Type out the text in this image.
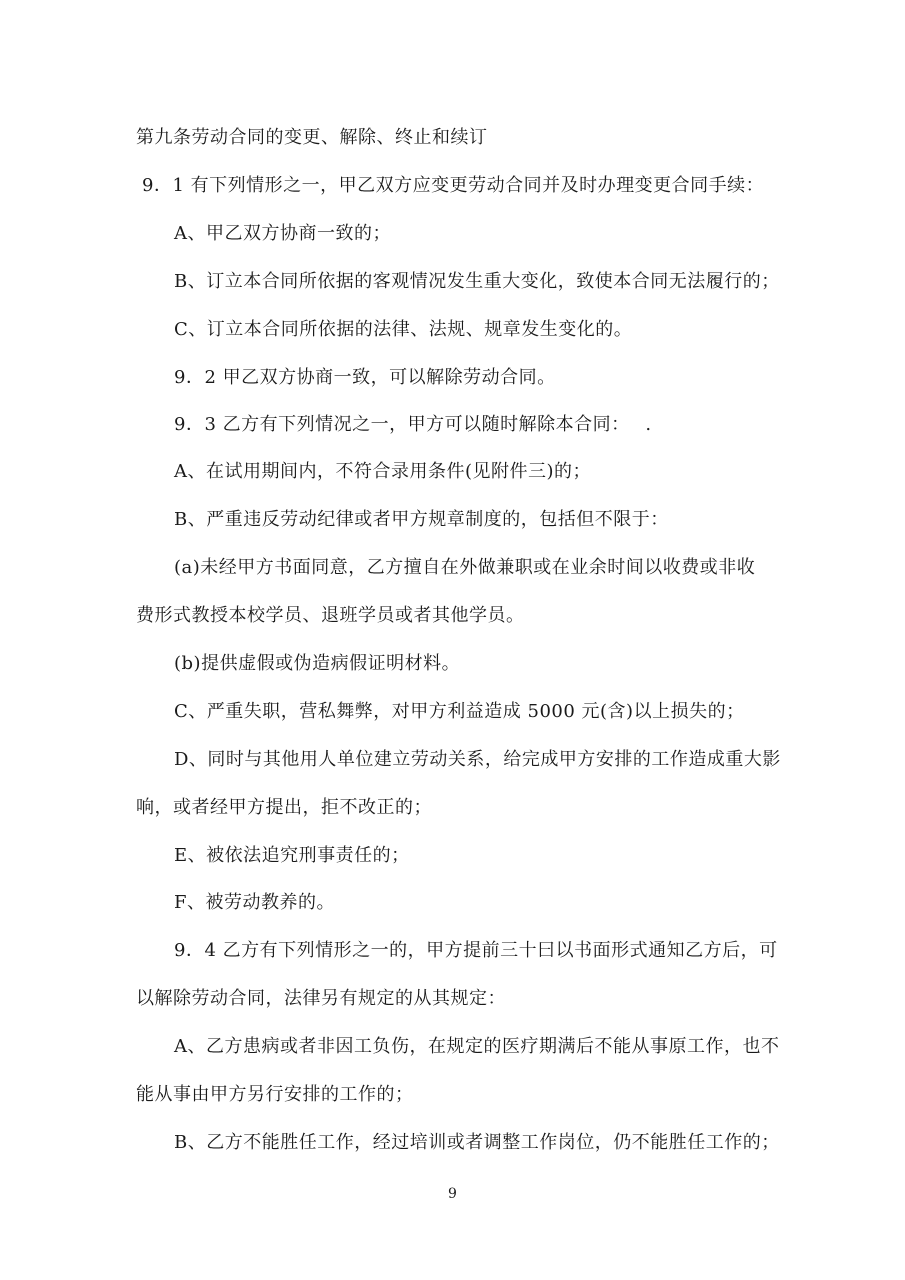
第九条劳动合同的变更、解除、终止和续订
9．1 有下列情形之一，甲乙双方应变更劳动合同并及时办理变更合同手续：
A、甲乙双方协商一致的；
B、订立本合同所依据的客观情况发生重大变化，致使本合同无法履行的；
C、订立本合同所依据的法律、法规、规章发生变化的。
9．2 甲乙双方协商一致，可以解除劳动合同。
9．3 乙方有下列情况之一，甲方可以随时解除本合同：　 .
A、在试用期间内，不符合录用条件(见附件三)的；
B、严重违反劳动纪律或者甲方规章制度的，包括但不限于：
(a)未经甲方书面同意，乙方擅自在外做兼职或在业余时间以收费或非收
费形式教授本校学员、退班学员或者其他学员。
(b)提供虚假或伪造病假证明材料。
C、严重失职，营私舞弊，对甲方利益造成 5000 元(含)以上损失的；
D、同时与其他用人单位建立劳动关系，给完成甲方安排的工作造成重大影
响，或者经甲方提出，拒不改正的；
E、被依法追究刑事责任的；
F、被劳动教养的。
9．4 乙方有下列情形之一的，甲方提前三十曰以书面形式通知乙方后，可
以解除劳动合同，法律另有规定的从其规定：
A、乙方患病或者非因工负伤，在规定的医疗期满后不能从事原工作，也不
能从事由甲方另行安排的工作的；
B、乙方不能胜任工作，经过培训或者调整工作岗位，仍不能胜任工作的；
9
